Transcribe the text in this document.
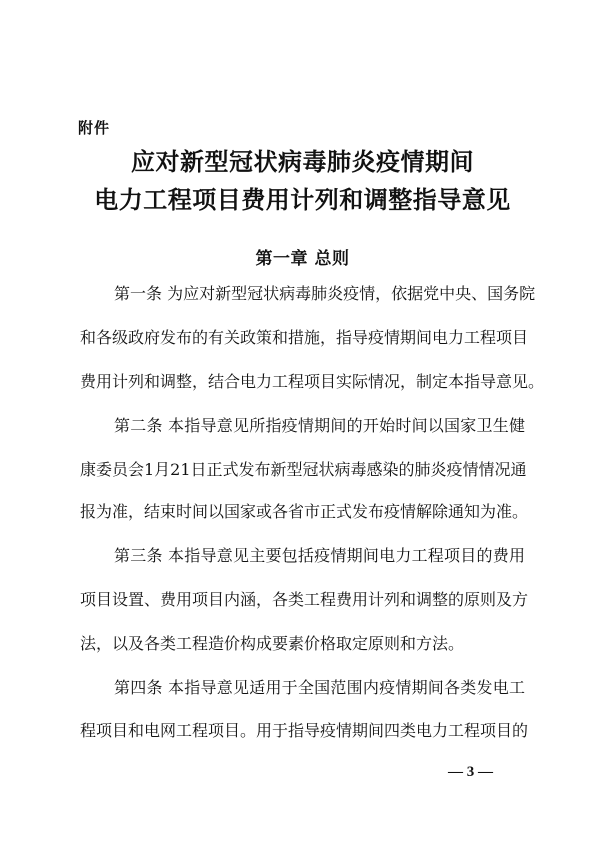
附件
应对新型冠状病毒肺炎疫情期间
电力工程项目费用计列和调整指导意见
第一章 总则
第一条 为应对新型冠状病毒肺炎疫情，依据党中央、国务院
和各级政府发布的有关政策和措施，指导疫情期间电力工程项目
费用计列和调整，结合电力工程项目实际情况，制定本指导意见。
第二条 本指导意见所指疫情期间的开始时间以国家卫生健
康委员会1月21日正式发布新型冠状病毒感染的肺炎疫情情况通
报为准，结束时间以国家或各省市正式发布疫情解除通知为准。
第三条 本指导意见主要包括疫情期间电力工程项目的费用
项目设置、费用项目内涵，各类工程费用计列和调整的原则及方
法，以及各类工程造价构成要素价格取定原则和方法。
第四条 本指导意见适用于全国范围内疫情期间各类发电工
程项目和电网工程项目。用于指导疫情期间四类电力工程项目的
— 3 —
